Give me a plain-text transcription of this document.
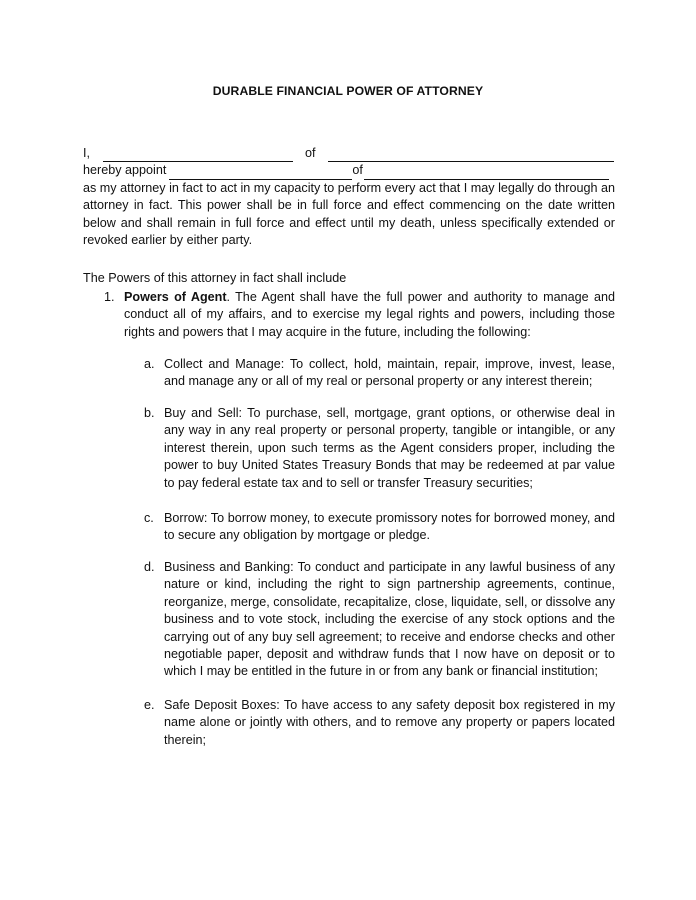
DURABLE FINANCIAL POWER OF ATTORNEY
I,	of
hereby appoint	of
as my attorney in fact to act in my capacity to perform every act that I may legally do through an attorney in fact. This power shall be in full force and effect commencing on the date written below and shall remain in full force and effect until my death, unless specifically extended or revoked earlier by either party.
The Powers of this attorney in fact shall include
1. Powers of Agent. The Agent shall have the full power and authority to manage and conduct all of my affairs, and to exercise my legal rights and powers, including those rights and powers that I may acquire in the future, including the following:
a. Collect and Manage: To collect, hold, maintain, repair, improve, invest, lease, and manage any or all of my real or personal property or any interest therein;
b. Buy and Sell: To purchase, sell, mortgage, grant options, or otherwise deal in any way in any real property or personal property, tangible or intangible, or any interest therein, upon such terms as the Agent considers proper, including the power to buy United States Treasury Bonds that may be redeemed at par value to pay federal estate tax and to sell or transfer Treasury securities;
c. Borrow: To borrow money, to execute promissory notes for borrowed money, and to secure any obligation by mortgage or pledge.
d. Business and Banking: To conduct and participate in any lawful business of any nature or kind, including the right to sign partnership agreements, continue, reorganize, merge, consolidate, recapitalize, close, liquidate, sell, or dissolve any business and to vote stock, including the exercise of any stock options and the carrying out of any buy sell agreement; to receive and endorse checks and other negotiable paper, deposit and withdraw funds that I now have on deposit or to which I may be entitled in the future in or from any bank or financial institution;
e. Safe Deposit Boxes: To have access to any safety deposit box registered in my name alone or jointly with others, and to remove any property or papers located therein;
